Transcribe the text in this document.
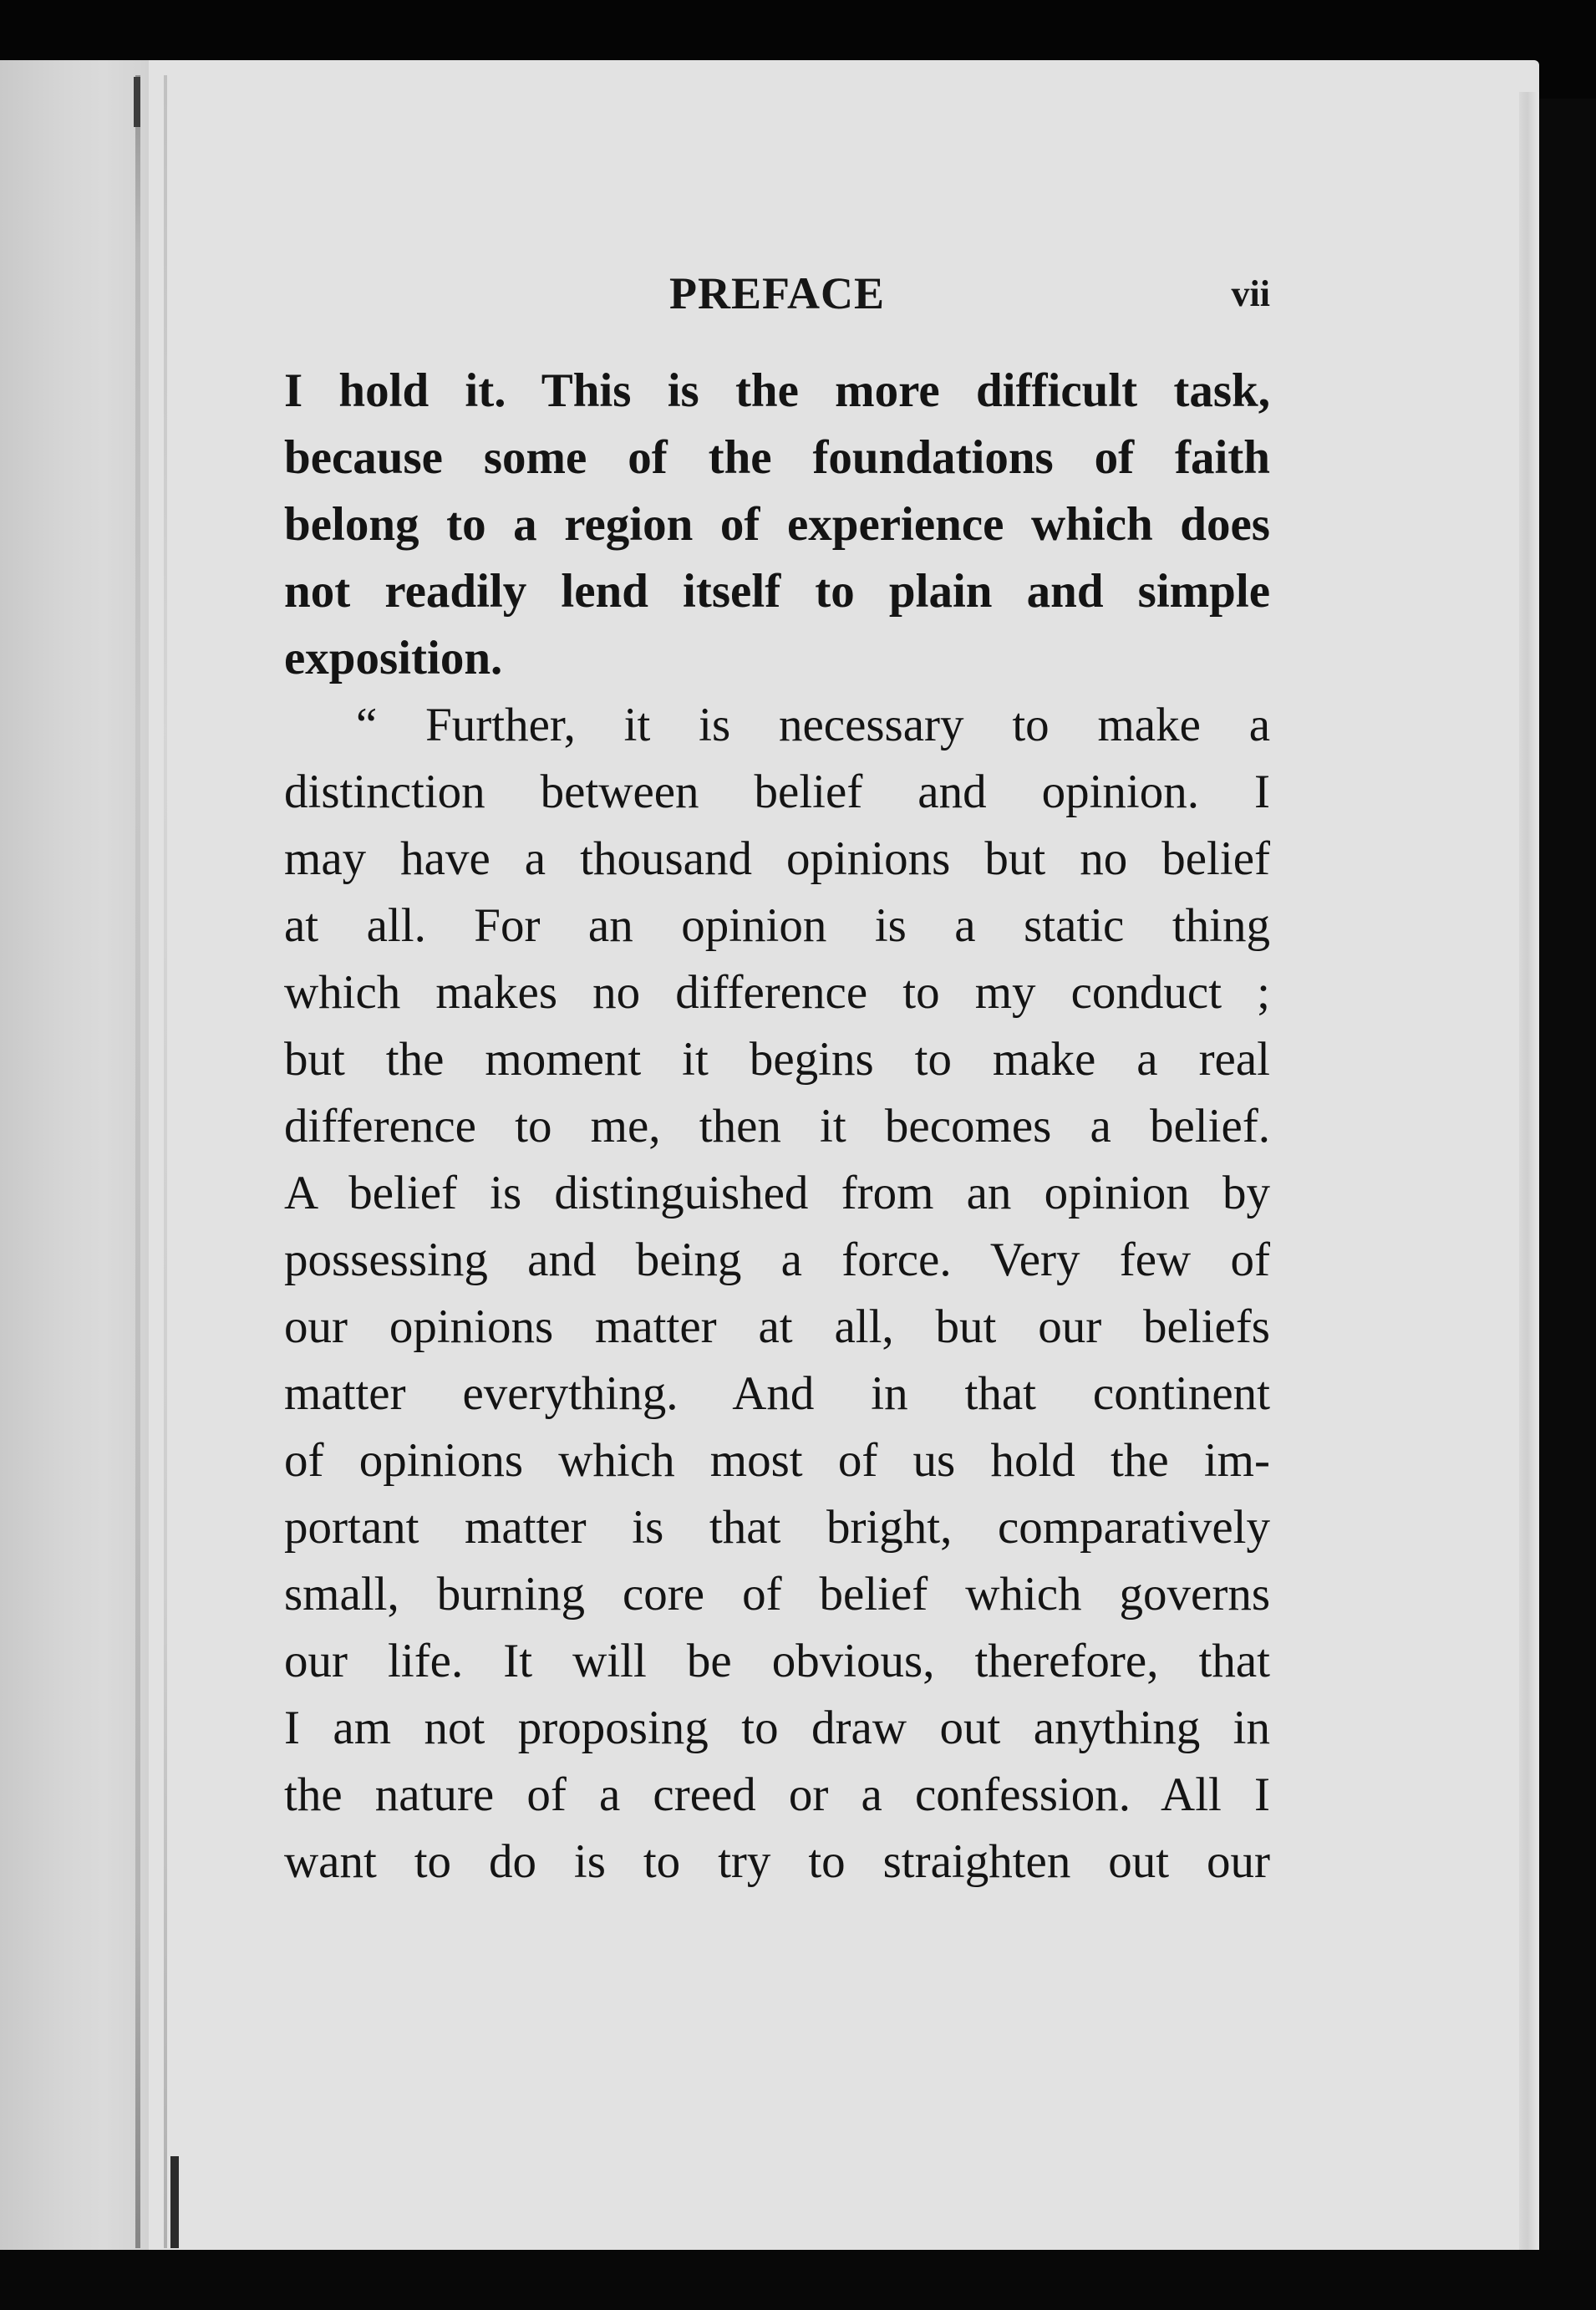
PREFACE	vii
I hold it. This is the more difficult task,
because some of the foundations of faith
belong to a region of experience which does
not readily lend itself to plain and simple
exposition.
“ Further, it is necessary to make a
distinction between belief and opinion. I
may have a thousand opinions but no belief
at all. For an opinion is a static thing
which makes no difference to my conduct ;
but the moment it begins to make a real
difference to me, then it becomes a belief.
A belief is distinguished from an opinion by
possessing and being a force. Very few of
our opinions matter at all, but our beliefs
matter everything. And in that continent
of opinions which most of us hold the im-
portant matter is that bright, comparatively
small, burning core of belief which governs
our life. It will be obvious, therefore, that
I am not proposing to draw out anything in
the nature of a creed or a confession. All I
want to do is to try to straighten out our
